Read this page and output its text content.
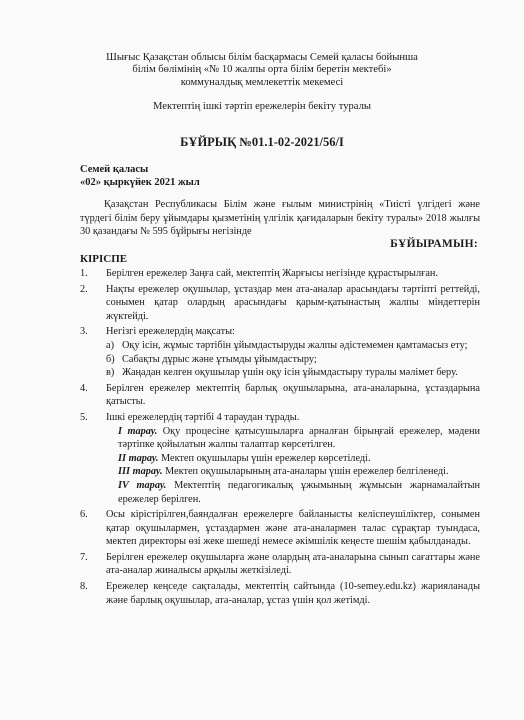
Шығыс Қазақстан облысы білім басқармасы Семей қаласы бойынша
білім бөлімінің «№ 10 жалпы орта білім беретін мектебі»
коммуналдық мемлекеттік мекемесі
Мектептің ішкі тәртіп ережелерін бекіту туралы
БҰЙРЫҚ №01.1-02-2021/56/І
Семей қаласы
«02» қыркүйек 2021 жыл
Қазақстан Республикасы Білім және ғылым министрінің «Тиісті үлгідегі және түрдегі білім беру ұйымдары қызметінің үлгілік қағидаларын бекіту туралы» 2018 жылғы 30 қазандағы № 595 бұйрығы негізінде
БҰЙЫРАМЫН:
КІРІСПЕ
1. Берілген ережелер Заңға сай, мектептің Жарғысы негізінде құрастырылған.
2. Нақты ережелер оқушылар, ұстаздар мен ата-аналар арасындағы тәртіпті реттейді, сонымен қатар олардың арасындағы қарым-қатынастың жалпы міндеттерін жүктейді.
3. Негізгі ережелердің мақсаты:
а) Оқу ісін, жұмыс тәртібін ұйымдастыруды жалпы әдістемемен қамтамасыз ету;
б) Сабақты дұрыс және ұтымды ұйымдастыру;
в) Жаңадан келген оқушылар үшін оқу ісін ұйымдастыру туралы мәлімет беру.
4. Берілген ережелер мектептің барлық оқушыларына, ата-аналарына, ұстаздарына қатысты.
5. Ішкі ережелердің тәртібі 4 тараудан тұрады.
І тарау. Оқу процесіне қатысушыларға арналған бірыңғай ережелер, мәдени тәртіпке қойылатын жалпы талаптар көрсетілген.
ІІ тарау. Мектеп оқушылары үшін ережелер көрсетіледі.
ІІІ тарау. Мектеп оқушыларының ата-аналары үшін ережелер белгіленеді.
ІV тарау. Мектептің педагогикалық ұжымының жұмысын жарнамалайтын ережелер берілген.
6. Осы кірістірілген,баяндалған ережелерге байланысты келіспеушіліктер, сонымен қатар оқушылармен, ұстаздармен және ата-аналармен талас сұрақтар туындаса, мектеп директоры өзі жеке шешеді немесе әкімшілік кеңесте шешім қабылданады.
7. Берілген ережелер оқушыларға және олардың ата-аналарына сынып сағаттары және ата-аналар жиналысы арқылы жеткізіледі.
8. Ережелер кеңседе сақталады, мектептің сайтында (10-semey.edu.kz) жарияланады және барлық оқушылар, ата-аналар, ұстаз үшін қол жетімді.
